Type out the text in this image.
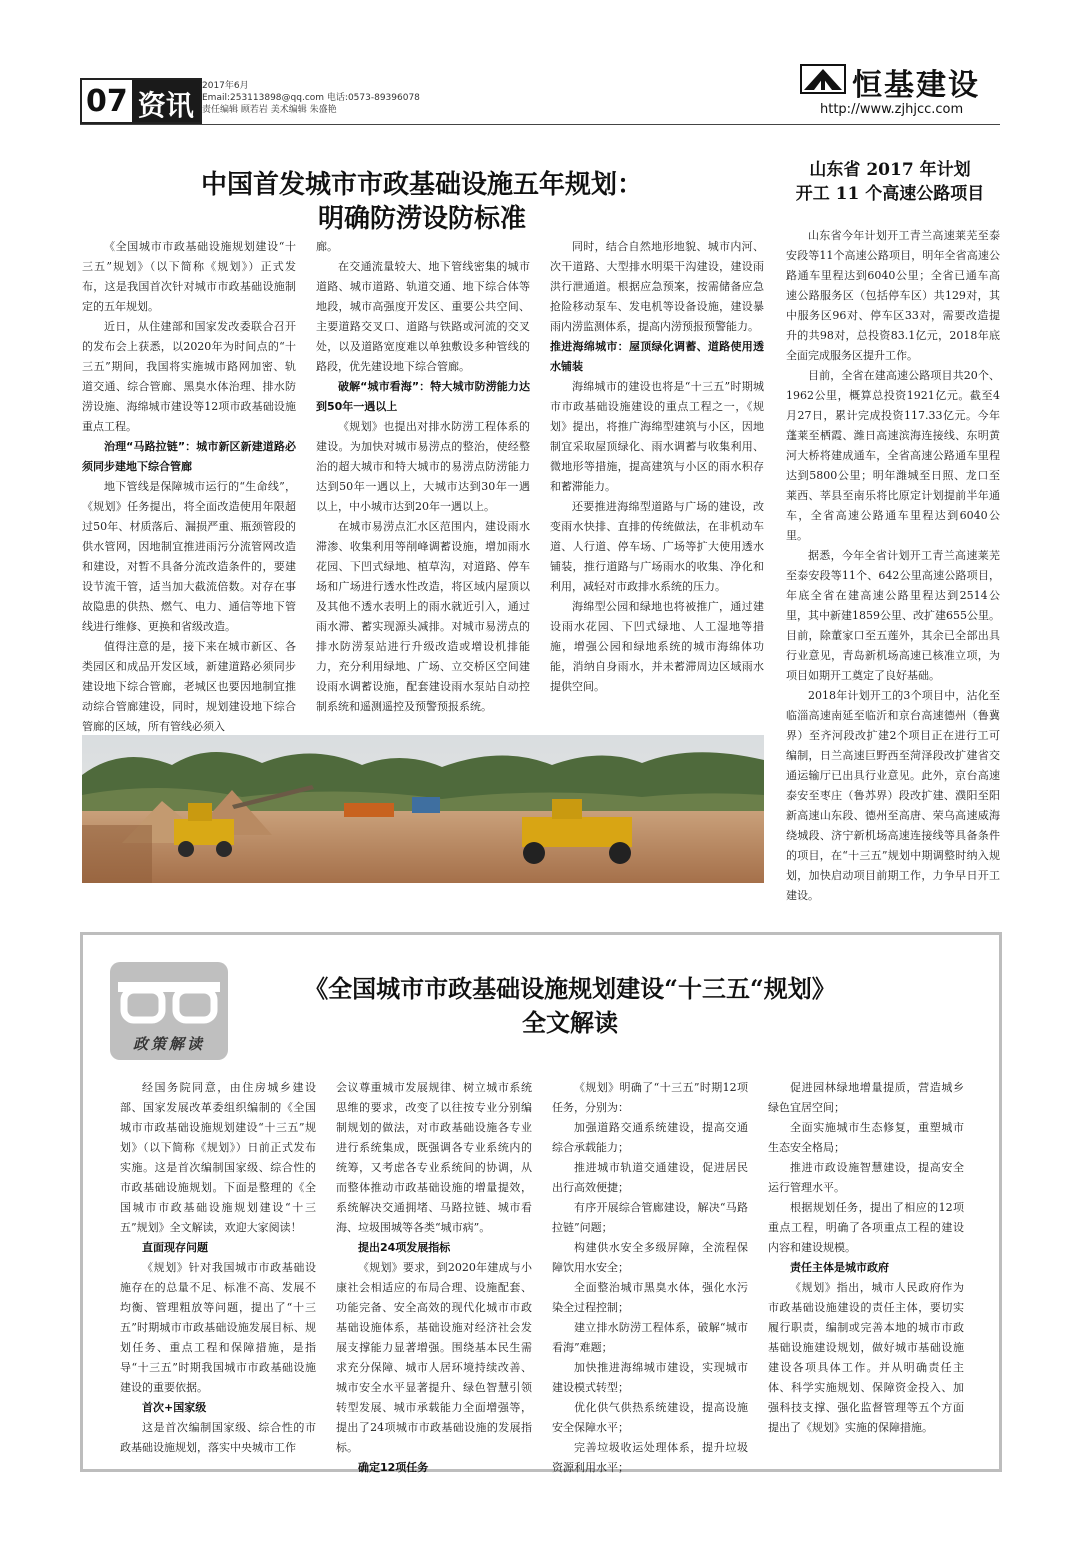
07 资讯
2017年6月
Email:253113898@qq.com 电话:0573-89396078
责任编辑 顾若岩 美术编辑 朱盛艳
恒基建设
http://www.zjhjcc.com
中国首发城市市政基础设施五年规划：
明确防涝设防标准

《全国城市市政基础设施规划建设“十三五”规划》（以下简称《规划》）正式发布，这是我国首次针对城市市政基础设施制定的五年规划。

近日，从住建部和国家发改委联合召开的发布会上获悉，以2020年为时间点的“十三五”期间，我国将实施城市路网加密、轨道交通、综合管廊、黑臭水体治理、排水防涝设施、海绵城市建设等12项市政基础设施重点工程。

治理“马路拉链”：城市新区新建道路必须同步建地下综合管廊

地下管线是保障城市运行的“生命线”，《规划》任务提出，将全面改造使用年限超过50年、材质落后、漏损严重、瓶颈管段的供水管网，因地制宜推进雨污分流管网改造和建设，对暂不具备分流改造条件的，要建设节流干管，适当加大截流倍数。对存在事故隐患的供热、燃气、电力、通信等地下管线进行维修、更换和省级改造。

值得注意的是，接下来在城市新区、各类园区和成品开发区域，新建道路必须同步建设地下综合管廊，老城区也要因地制宜推动综合管廊建设，同时，规划建设地下综合管廊的区域，所有管线必须入

廊。

在交通流量较大、地下管线密集的城市道路、城市道路、轨道交通、地下综合体等地段，城市高强度开发区、重要公共空间、主要道路交叉口、道路与铁路或河流的交叉处，以及道路宽度难以单独敷设多种管线的路段，优先建设地下综合管廊。

破解“城市看海”：特大城市防涝能力达到50年一遇以上

《规划》也提出对排水防涝工程体系的建设。为加快对城市易涝点的整治，使经整治的超大城市和特大城市的易涝点防涝能力达到50年一遇以上，大城市达到30年一遇以上，中小城市达到20年一遇以上。

在城市易涝点汇水区范围内，建设雨水滞渗、收集利用等削峰调蓄设施，增加雨水花园、下凹式绿地、植草沟，对道路、停车场和广场进行透水性改造，将区域内屋顶以及其他不透水表明上的雨水就近引入，通过雨水滞、蓄实现源头减排。对城市易涝点的排水防涝泵站进行升级改造或增设机排能力，充分利用绿地、广场、立交桥区空间建设雨水调蓄设施，配套建设雨水泵站自动控制系统和遥测遥控及预警预报系统。

同时，结合自然地形地貌、城市内河、次干道路、大型排水明渠干沟建设，建设雨洪行泄通道。根据应急预案，按需储备应急抢险移动泵车、发电机等设备设施，建设暴雨内涝监测体系，提高内涝预报预警能力。

推进海绵城市：屋顶绿化调蓄、道路使用透水铺装

海绵城市的建设也将是“十三五”时期城市市政基础设施建设的重点工程之一，《规划》提出，将推广海绵型建筑与小区，因地制宜采取屋顶绿化、雨水调蓄与收集利用、微地形等措施，提高建筑与小区的雨水积存和蓄滞能力。

还要推进海绵型道路与广场的建设，改变雨水快排、直排的传统做法，在非机动车道、人行道、停车场、广场等扩大使用透水铺装，推行道路与广场雨水的收集、净化和利用，减轻对市政排水系统的压力。

海绵型公园和绿地也将被推广，通过建设雨水花园、下凹式绿地、人工湿地等措施，增强公园和绿地系统的城市海绵体功能，消纳自身雨水，并未蓄滞周边区域雨水提供空间。

山东省 2017 年计划
开工 11 个高速公路项目

山东省今年计划开工青兰高速莱芜至泰安段等11个高速公路项目，明年全省高速公路通车里程达到6040公里；全省已通车高速公路服务区（包括停车区）共129对，其中服务区96对、停车区33对，需要改造提升的共98对，总投资83.1亿元，2018年底全面完成服务区提升工作。

目前，全省在建高速公路项目共20个、1962公里，概算总投资1921亿元。截至4月27日，累计完成投资117.33亿元。今年蓬莱至栖霞、潍日高速滨海连接线、东明黄河大桥将建成通车，全省高速公路通车里程达到5800公里；明年潍城至日照、龙口至莱西、莘县至南乐将比原定计划提前半年通车，全省高速公路通车里程达到6040公里。

据悉，今年全省计划开工青兰高速莱芜至泰安段等11个、642公里高速公路项目，年底全省在建高速公路里程达到2514公里，其中新建1859公里、改扩建655公里。目前，除董家口至五莲外，其余已全部出具行业意见，青岛新机场高速已核准立项，为项目如期开工奠定了良好基础。

2018年计划开工的3个项目中，沾化至临淄高速南延至临沂和京台高速德州（鲁冀界）至齐河段改扩建2个项目正在进行工可编制，日兰高速巨野西至菏泽段改扩建省交通运输厅已出具行业意见。此外，京台高速泰安至枣庄（鲁苏界）段改扩建、濮阳至阳新高速山东段、德州至高唐、荣乌高速威海绕城段、济宁新机场高速连接线等具备条件的项目，在“十三五”规划中期调整时纳入规划，加快启动项目前期工作，力争早日开工建设。

政策解读
《全国城市市政基础设施规划建设“十三五“规划》
全文解读

经国务院同意，由住房城乡建设部、国家发展改革委组织编制的《全国城市市政基础设施规划建设“十三五”规划》（以下简称《规划》）日前正式发布实施。这是首次编制国家级、综合性的市政基础设施规划。下面是整理的《全国城市市政基础设施规划建设“十三五”规划》全文解读，欢迎大家阅读！

直面现存问题

《规划》针对我国城市市政基础设施存在的总量不足、标准不高、发展不均衡、管理粗放等问题，提出了“十三五”时期城市市政基础设施发展目标、规划任务、重点工程和保障措施，是指导“十三五”时期我国城市市政基础设施建设的重要依据。

首次+国家级

这是首次编制国家级、综合性的市政基础设施规划，落实中央城市工作

会议尊重城市发展规律、树立城市系统思维的要求，改变了以往按专业分别编制规划的做法，对市政基础设施各专业进行系统集成，既强调各专业系统内的统筹，又考虑各专业系统间的协调，从而整体推动市政基础设施的增量提效，系统解决交通拥堵、马路拉链、城市看海、垃圾围城等各类“城市病”。

提出24项发展指标

《规划》要求，到2020年建成与小康社会相适应的布局合理、设施配套、功能完备、安全高效的现代化城市市政基础设施体系，基础设施对经济社会发展支撑能力显著增强。围绕基本民生需求充分保障、城市人居环境持续改善、城市安全水平显著提升、绿色智慧引领转型发展、城市承载能力全面增强等，提出了24项城市市政基础设施的发展指标。

确定12项任务

《规划》明确了“十三五”时期12项任务，分别为：

加强道路交通系统建设，提高交通综合承载能力；

推进城市轨道交通建设，促进居民出行高效便捷；

有序开展综合管廊建设，解决“马路拉链”问题；

构建供水安全多级屏障，全流程保障饮用水安全；

全面整治城市黑臭水体，强化水污染全过程控制；

建立排水防涝工程体系，破解“城市看海”难题；

加快推进海绵城市建设，实现城市建设模式转型；

优化供气供热系统建设，提高设施安全保障水平；

完善垃圾收运处理体系，提升垃圾资源利用水平；

促进园林绿地增量提质，营造城乡绿色宜居空间；

全面实施城市生态修复，重塑城市生态安全格局；

推进市政设施智慧建设，提高安全运行管理水平。

根据规划任务，提出了相应的12项重点工程，明确了各项重点工程的建设内容和建设规模。

责任主体是城市政府

《规划》指出，城市人民政府作为市政基础设施建设的责任主体，要切实履行职责，编制或完善本地的城市市政基础设施建设规划，做好城市基础设施建设各项具体工作。并从明确责任主体、科学实施规划、保障资金投入、加强科技支撑、强化监督管理等五个方面提出了《规划》实施的保障措施。
